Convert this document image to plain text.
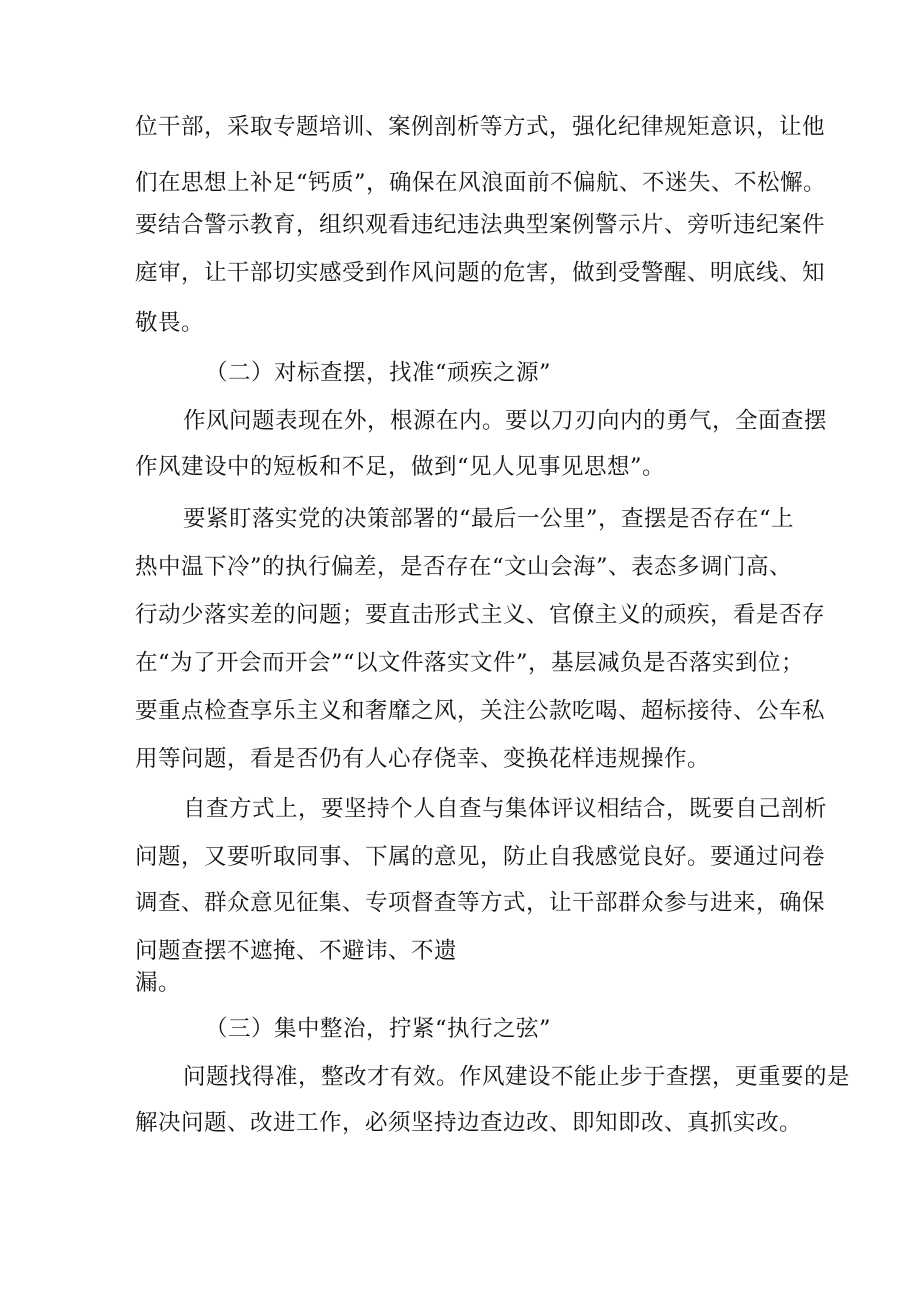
位干部，采取专题培训、案例剖析等方式，强化纪律规矩意识，让他
们在思想上补足“钙质”，确保在风浪面前不偏航、不迷失、不松懈。
要结合警示教育，组织观看违纪违法典型案例警示片、旁听违纪案件
庭审，让干部切实感受到作风问题的危害，做到受警醒、明底线、知
敬畏。
（二）对标查摆，找准“顽疾之源”
作风问题表现在外，根源在内。要以刀刃向内的勇气，全面查摆
作风建设中的短板和不足，做到“见人见事见思想”。
要紧盯落实党的决策部署的“最后一公里”，查摆是否存在“上
热中温下冷”的执行偏差，是否存在“文山会海”、表态多调门高、
行动少落实差的问题；要直击形式主义、官僚主义的顽疾，看是否存
在“为了开会而开会”“以文件落实文件”，基层减负是否落实到位；
要重点检查享乐主义和奢靡之风，关注公款吃喝、超标接待、公车私
用等问题，看是否仍有人心存侥幸、变换花样违规操作。
自查方式上，要坚持个人自查与集体评议相结合，既要自己剖析
问题，又要听取同事、下属的意见，防止自我感觉良好。要通过问卷
调查、群众意见征集、专项督查等方式，让干部群众参与进来，确保
问题查摆不遮掩、不避讳、不遗
漏。
（三）集中整治，拧紧“执行之弦”
问题找得准，整改才有效。作风建设不能止步于查摆，更重要的是
解决问题、改进工作，必须坚持边查边改、即知即改、真抓实改。
